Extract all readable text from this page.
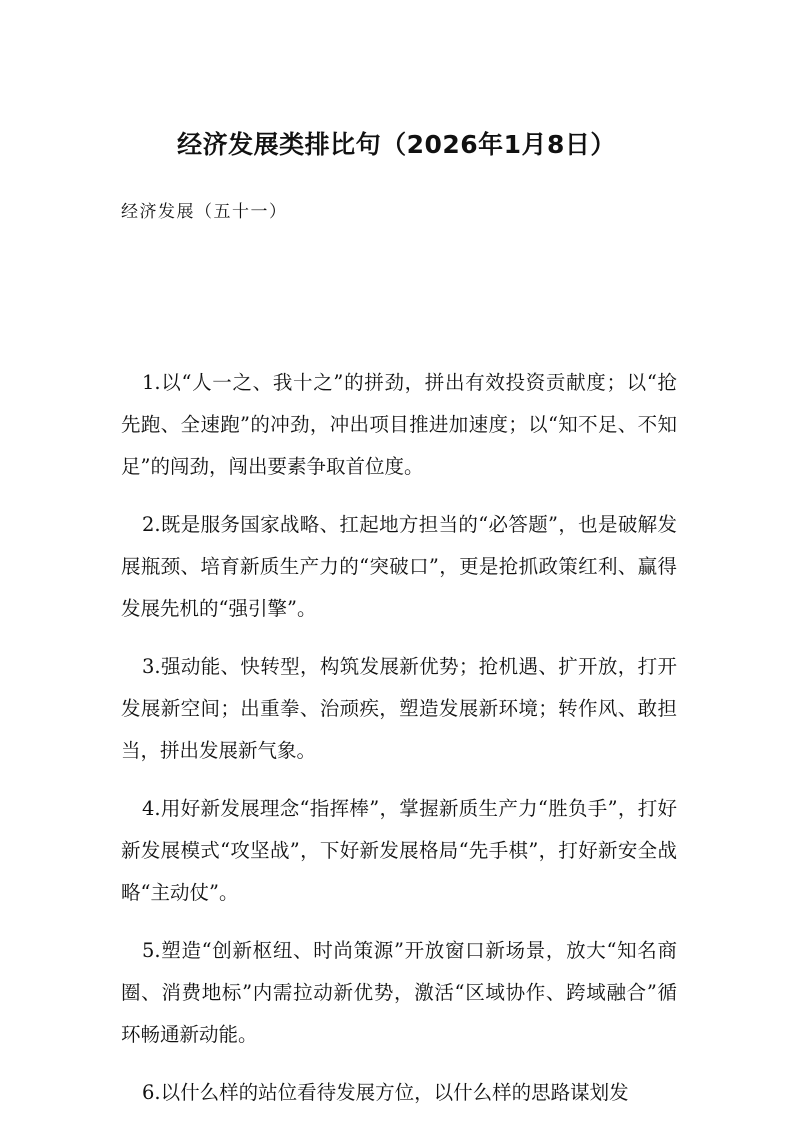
经济发展类排比句（2026年1月8日）
经济发展（五十一）

1.以“人一之、我十之”的拼劲，拼出有效投资贡献度；以“抢先跑、全速跑”的冲劲，冲出项目推进加速度；以“知不足、不知足”的闯劲，闯出要素争取首位度。

2.既是服务国家战略、扛起地方担当的“必答题”，也是破解发展瓶颈、培育新质生产力的“突破口”，更是抢抓政策红利、赢得发展先机的“强引擎”。

3.强动能、快转型，构筑发展新优势；抢机遇、扩开放，打开发展新空间；出重拳、治顽疾，塑造发展新环境；转作风、敢担当，拼出发展新气象。

4.用好新发展理念“指挥棒”，掌握新质生产力“胜负手”，打好新发展模式“攻坚战”，下好新发展格局“先手棋”，打好新安全战略“主动仗”。

5.塑造“创新枢纽、时尚策源”开放窗口新场景，放大“知名商圈、消费地标”内需拉动新优势，激活“区域协作、跨域融合”循环畅通新动能。

6.以什么样的站位看待发展方位，以什么样的思路谋划发
